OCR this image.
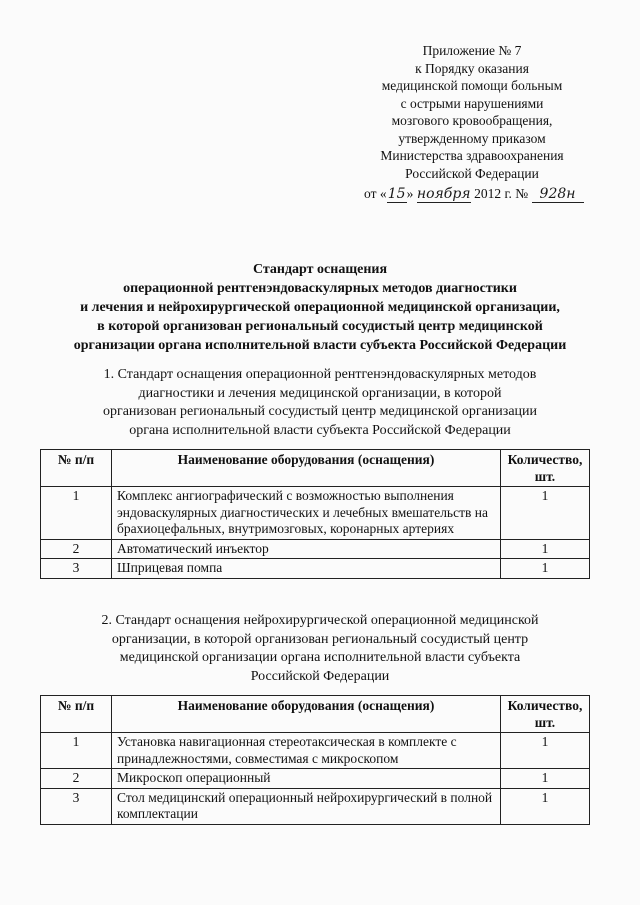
Приложение № 7
к Порядку оказания
медицинской помощи больным
с острыми нарушениями
мозгового кровообращения,
утвержденному приказом
Министерства здравоохранения
Российской Федерации
от «15» ноября 2012 г. № 928н
Стандарт оснащения
операционной рентгенэндоваскулярных методов диагностики
и лечения и нейрохирургической операционной медицинской организации,
в которой организован региональный сосудистый центр медицинской
организации органа исполнительной власти субъекта Российской Федерации
1. Стандарт оснащения операционной рентгенэндоваскулярных методов
диагностики и лечения медицинской организации, в которой
организован региональный сосудистый центр медицинской организации
органа исполнительной власти субъекта Российской Федерации
№ п/п	Наименование оборудования (оснащения)	Количество, шт.
1	Комплекс ангиографический с возможностью выполнения эндоваскулярных диагностических и лечебных вмешательств на брахиоцефальных, внутримозговых, коронарных артериях	1
2	Автоматический инъектор	1
3	Шприцевая помпа	1
2. Стандарт оснащения нейрохирургической операционной медицинской
организации, в которой организован региональный сосудистый центр
медицинской организации органа исполнительной власти субъекта
Российской Федерации
№ п/п	Наименование оборудования (оснащения)	Количество, шт.
1	Установка навигационная стереотаксическая в комплекте с принадлежностями, совместимая с микроскопом	1
2	Микроскоп операционный	1
3	Стол медицинский операционный нейрохирургический в полной комплектации	1
